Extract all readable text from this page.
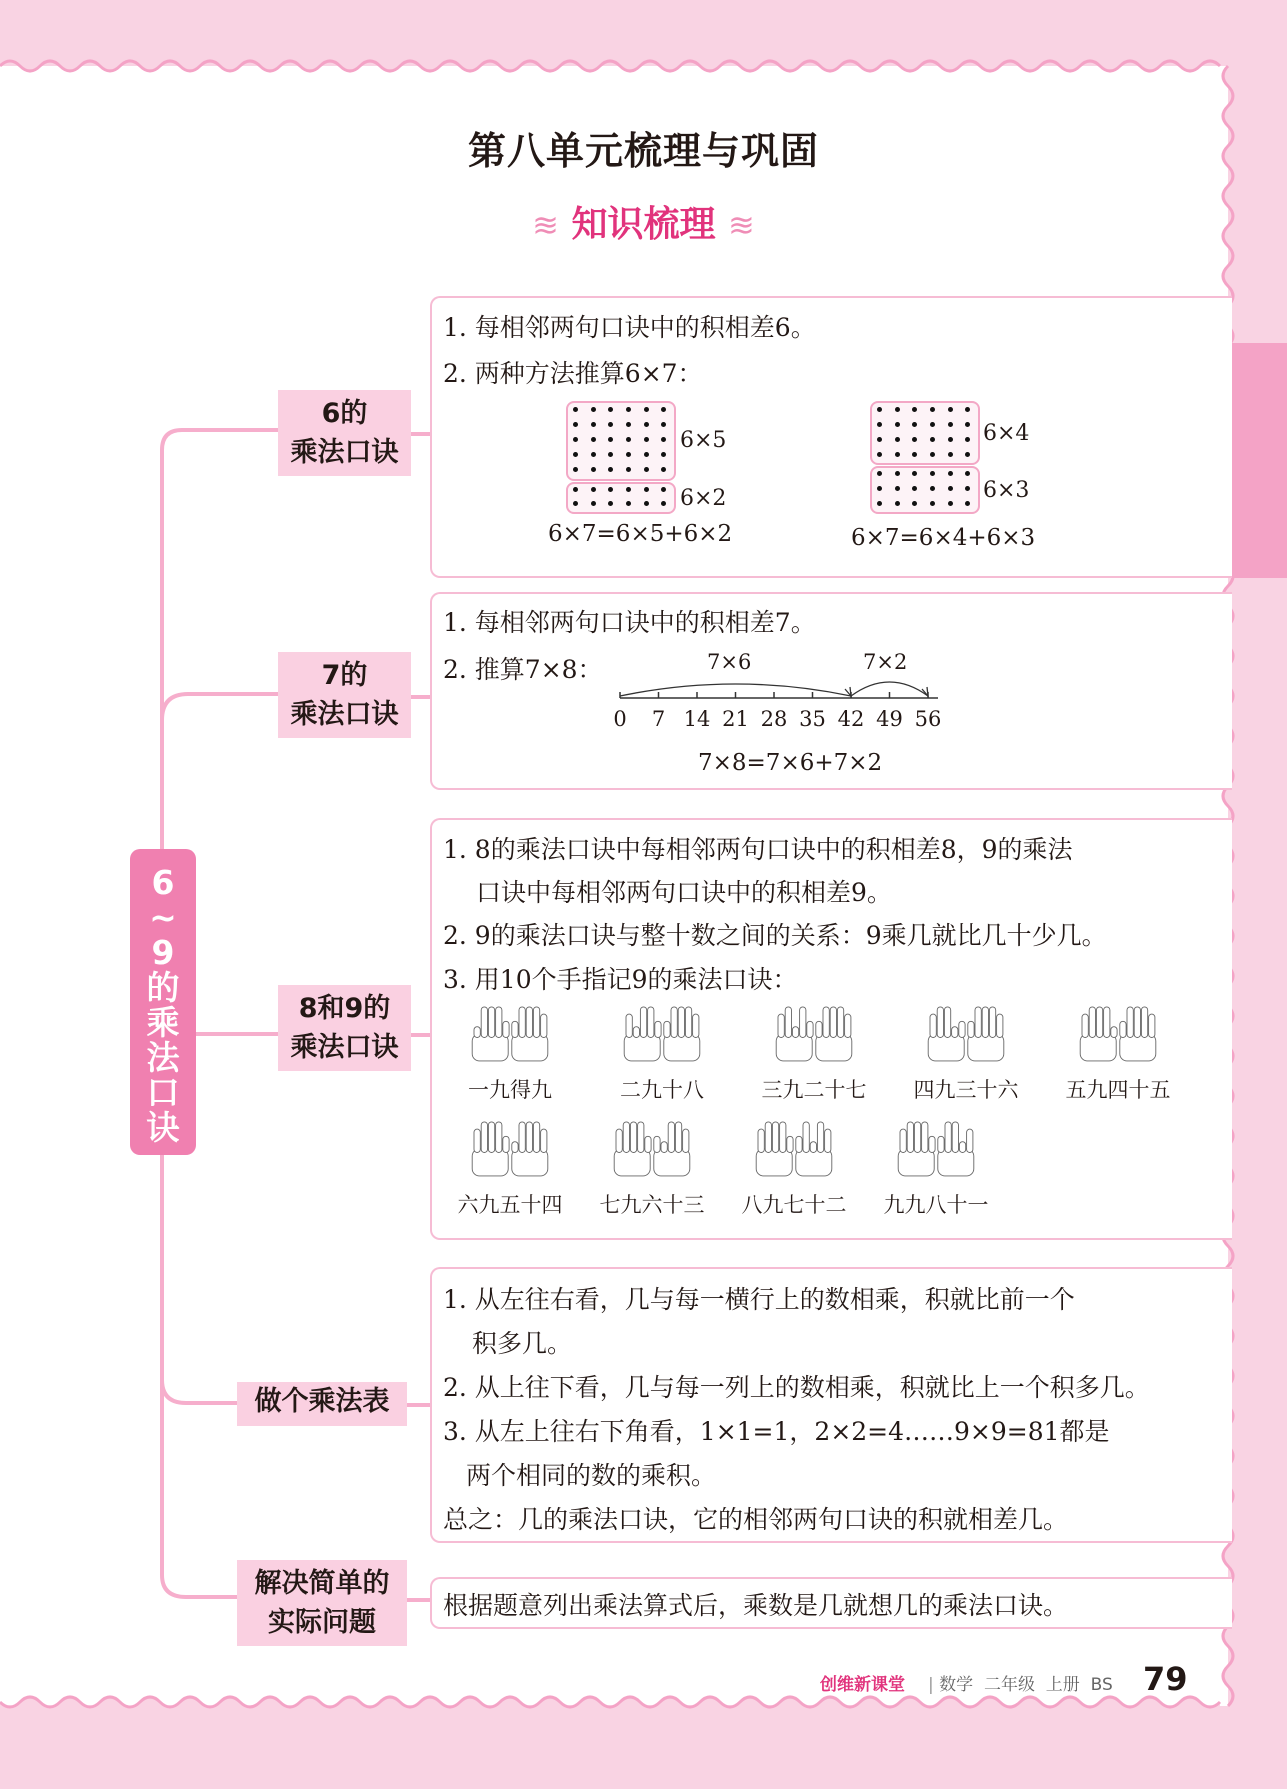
第八单元梳理与巩固
≋ 知识梳理 ≋
6~9的乘法口诀
6的
乘法口诀
7的
乘法口诀
8和9的
乘法口诀
做个乘法表
解决简单的
实际问题
1. 每相邻两句口诀中的积相差6。
2. 两种方法推算6×7：
6×5
6×2
6×7=6×5+6×2
6×4
6×3
6×7=6×4+6×3
1. 每相邻两句口诀中的积相差7。
2. 推算7×8：	7×6	7×2
0 7 14 21 28 35 42 49 56
7×8=7×6+7×2
1. 8的乘法口诀中每相邻两句口诀中的积相差8，9的乘法
口诀中每相邻两句口诀中的积相差9。
2. 9的乘法口诀与整十数之间的关系：9乘几就比几十少几。
3. 用10个手指记9的乘法口诀：
一九得九	二九十八	三九二十七	四九三十六	五九四十五
六九五十四	七九六十三	八九七十二	九九八十一
1. 从左往右看，几与每一横行上的数相乘，积就比前一个
积多几。
2. 从上往下看，几与每一列上的数相乘，积就比上一个积多几。
3. 从左上往右下角看，1×1=1，2×2=4……9×9=81都是
两个相同的数的乘积。
总之：几的乘法口诀，它的相邻两句口诀的积就相差几。
根据题意列出乘法算式后，乘数是几就想几的乘法口诀。
创维新课堂 | 数学 二年级 上册 BS 79
